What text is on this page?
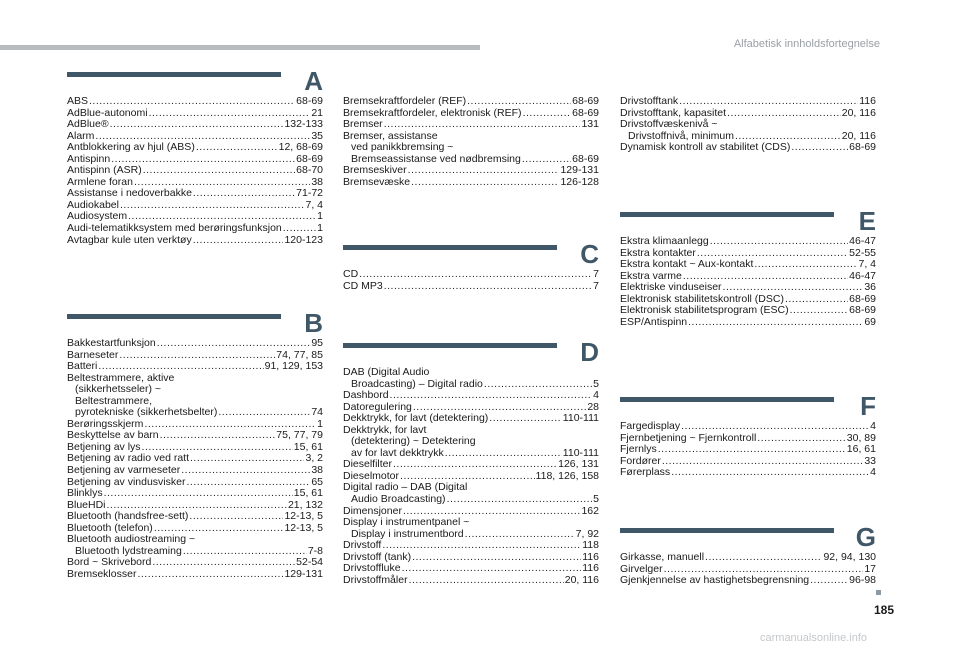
Alfabetisk innholdsfortegnelse
A
ABS .....	68-69
AdBlue-autonomi .....	21
AdBlue® .....	132-133
Alarm .....	35
Antblokkering av hjul (ABS) .....	12, 68-69
Antispinn .....	68-69
Antispinn (ASR) .....	68-70
Armlene foran .....	38
Assistanse i nedoverbakke .....	71-72
Audiokabel .....	7, 4
Audiosystem .....	1
Audi-telematikksystem med berøringsfunksjon .....	1
Avtagbar kule uten verktøy .....	120-123
B
Bakkestartfunksjon .....	95
Barneseter .....	74, 77, 85
Batteri .....	91, 129, 153
Beltestrammere, aktive
(sikkerhetsseler) ~
Beltestrammere,
pyrotekniske (sikkerhetsbelter) .....	74
Berøringsskjerm .....	1
Beskyttelse av barn .....	75, 77, 79
Betjening av lys .....	15, 61
Betjening av radio ved ratt .....	3, 2
Betjening av varmeseter .....	38
Betjening av vindusvisker .....	65
Blinklys .....	15, 61
BlueHDi .....	21, 132
Bluetooth (handsfree-sett) .....	12-13, 5
Bluetooth (telefon) .....	12-13, 5
Bluetooth audiostreaming ~
Bluetooth lydstreaming .....	7-8
Bord ~ Skrivebord .....	52-54
Bremseklosser .....	129-131
Bremsekraftfordeler (REF) .....	68-69
Bremsekraftfordeler, elektronisk (REF) .....	68-69
Bremser .....	131
Bremser, assistanse
ved panikkbremsing ~
Bremseassistanse ved nødbremsing .....	68-69
Bremseskiver .....	129-131
Bremsevæske .....	126-128
C
CD .....	7
CD MP3 .....	7
D
DAB (Digital Audio
Broadcasting) – Digital radio .....	5
Dashbord .....	4
Datoregulering .....	28
Dekktrykk, for lavt (detektering) .....	110-111
Dekktrykk, for lavt
(detektering) ~ Detektering
av for lavt dekktrykk .....	110-111
Dieselfilter .....	126, 131
Dieselmotor .....	118, 126, 158
Digital radio – DAB (Digital
Audio Broadcasting) .....	5
Dimensjoner .....	162
Display i instrumentpanel ~
Display i instrumentbord .....	7, 92
Drivstoff .....	118
Drivstoff (tank) .....	116
Drivstoffluke .....	116
Drivstoffmåler .....	20, 116
Drivstofftank .....	116
Drivstofftank, kapasitet .....	20, 116
Drivstoffvæskenivå ~
Drivstoffnivå, minimum .....	20, 116
Dynamisk kontroll av stabilitet (CDS) .....	68-69
E
Ekstra klimaanlegg .....	46-47
Ekstra kontakter .....	52-55
Ekstra kontakt ~ Aux-kontakt .....	7, 4
Ekstra varme .....	46-47
Elektriske vinduseiser .....	36
Elektronisk stabilitetskontroll (DSC) .....	68-69
Elektronisk stabilitetsprogram (ESC) .....	68-69
ESP/Antispinn .....	69
F
Fargedisplay .....	4
Fjernbetjening ~ Fjernkontroll .....	30, 89
Fjernlys .....	16, 61
Fordører .....	33
Førerplass .....	4
G
Girkasse, manuell .....	92, 94, 130
Girvelger .....	17
Gjenkjennelse av hastighetsbegrensning .....	96-98
185
carmanualsonline.info
